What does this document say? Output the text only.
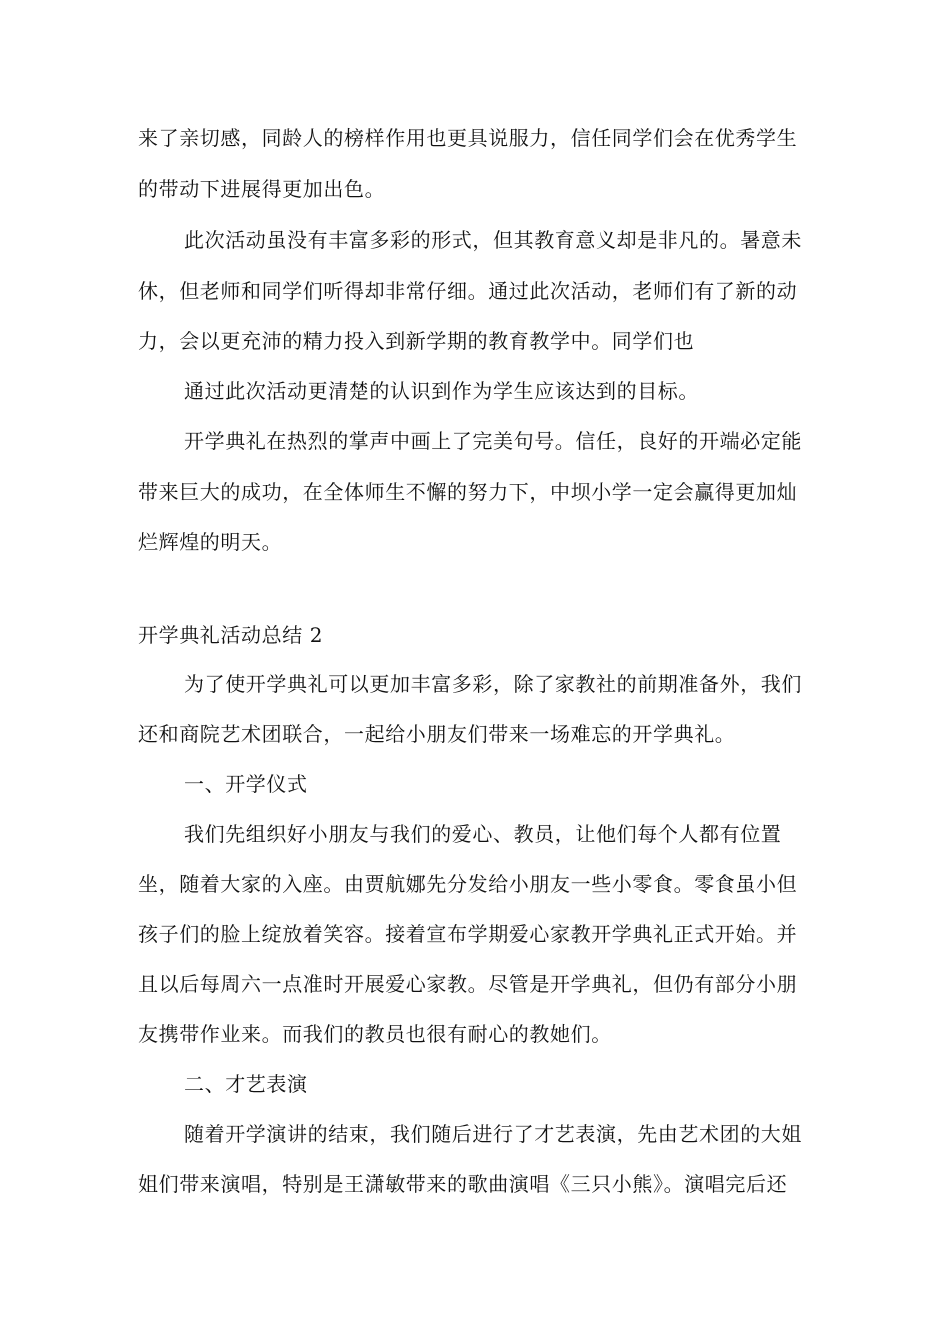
来了亲切感，同龄人的榜样作用也更具说服力，信任同学们会在优秀学生
的带动下进展得更加出色。
此次活动虽没有丰富多彩的形式，但其教育意义却是非凡的。暑意未
休，但老师和同学们听得却非常仔细。通过此次活动，老师们有了新的动
力，会以更充沛的精力投入到新学期的教育教学中。同学们也
通过此次活动更清楚的认识到作为学生应该达到的目标。
开学典礼在热烈的掌声中画上了完美句号。信任，良好的开端必定能
带来巨大的成功，在全体师生不懈的努力下，中坝小学一定会赢得更加灿
烂辉煌的明天。
开学典礼活动总结 2
为了使开学典礼可以更加丰富多彩，除了家教社的前期准备外，我们
还和商院艺术团联合，一起给小朋友们带来一场难忘的开学典礼。
一、开学仪式
我们先组织好小朋友与我们的爱心、教员，让他们每个人都有位置
坐，随着大家的入座。由贾航娜先分发给小朋友一些小零食。零食虽小但
孩子们的脸上绽放着笑容。接着宣布学期爱心家教开学典礼正式开始。并
且以后每周六一点准时开展爱心家教。尽管是开学典礼，但仍有部分小朋
友携带作业来。而我们的教员也很有耐心的教她们。
二、才艺表演
随着开学演讲的结束，我们随后进行了才艺表演，先由艺术团的大姐
姐们带来演唱，特别是王潇敏带来的歌曲演唱《三只小熊》。演唱完后还
